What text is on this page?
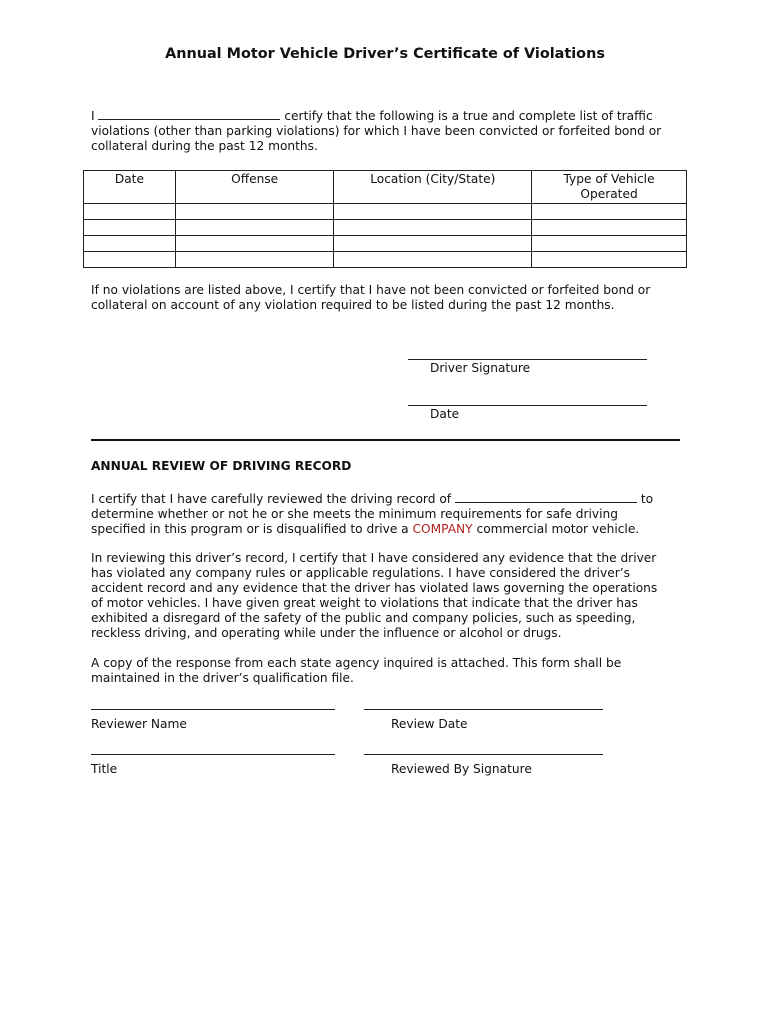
Annual Motor Vehicle Driver’s Certificate of Violations
I	certify that the following is a true and complete list of traffic
violations (other than parking violations) for which I have been convicted or forfeited bond or
collateral during the past 12 months.
Date	Offense	Location (City/State)	Type of Vehicle Operated

If no violations are listed above, I certify that I have not been convicted or forfeited bond or
collateral on account of any violation required to be listed during the past 12 months.
Driver Signature
Date
ANNUAL REVIEW OF DRIVING RECORD
I certify that I have carefully reviewed the driving record of	to
determine whether or not he or she meets the minimum requirements for safe driving
specified in this program or is disqualified to drive a COMPANY commercial motor vehicle.
In reviewing this driver’s record, I certify that I have considered any evidence that the driver
has violated any company rules or applicable regulations. I have considered the driver’s
accident record and any evidence that the driver has violated laws governing the operations
of motor vehicles. I have given great weight to violations that indicate that the driver has
exhibited a disregard of the safety of the public and company policies, such as speeding,
reckless driving, and operating while under the influence or alcohol or drugs.
A copy of the response from each state agency inquired is attached. This form shall be
maintained in the driver’s qualification file.
Reviewer Name	Review Date
Title	Reviewed By Signature
